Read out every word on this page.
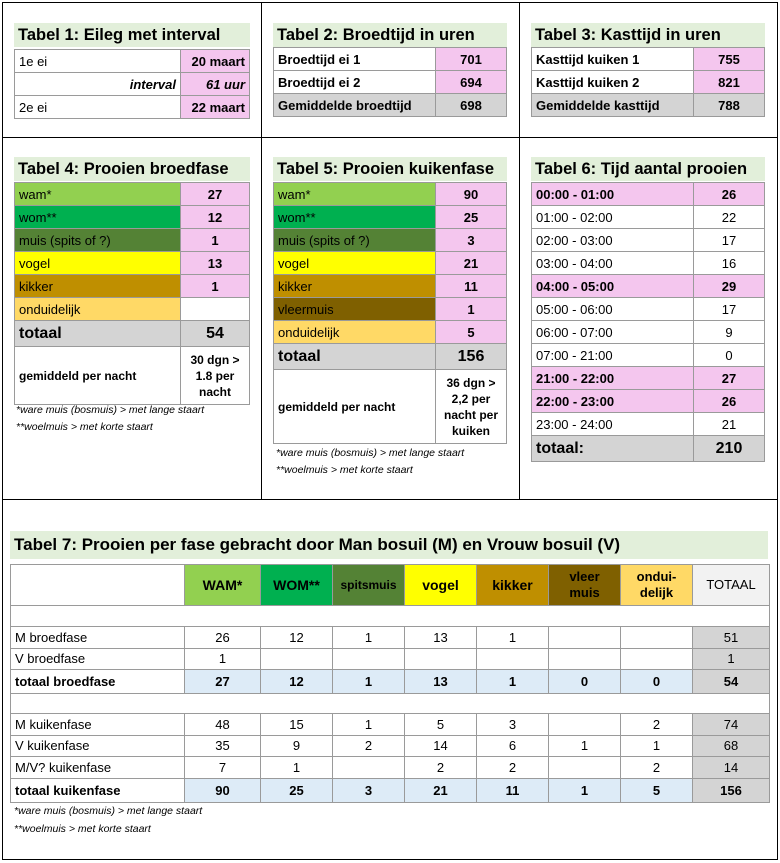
Tabel 1: Eileg met interval
1e ei	20 maart
interval	61 uur
2e ei	22 maart
Tabel 2: Broedtijd in uren
Broedtijd ei 1	701
Broedtijd ei 2	694
Gemiddelde broedtijd	698
Tabel 3: Kasttijd in uren
Kasttijd kuiken 1	755
Kasttijd kuiken 2	821
Gemiddelde kasttijd	788
Tabel 4: Prooien broedfase
wam*	27
wom**	12
muis (spits of ?)	1
vogel	13
kikker	1
onduidelijk	
totaal	54
gemiddeld per nacht	30 dgn > 1.8 per nacht
*ware muis (bosmuis) > met lange staart
**woelmuis > met korte staart
Tabel 5: Prooien kuikenfase
wam*	90
wom**	25
muis (spits of ?)	3
vogel	21
kikker	11
vleermuis	1
onduidelijk	5
totaal	156
gemiddeld per nacht	36 dgn > 2,2 per nacht per kuiken
*ware muis (bosmuis) > met lange staart
**woelmuis > met korte staart
Tabel 6: Tijd aantal prooien
00:00 - 01:00	26
01:00 - 02:00	22
02:00 - 03:00	17
03:00 - 04:00	16
04:00 - 05:00	29
05:00 - 06:00	17
06:00 - 07:00	9
07:00 - 21:00	0
21:00 - 22:00	27
22:00 - 23:00	26
23:00 - 24:00	21
totaal:	210
Tabel 7: Prooien per fase gebracht door Man bosuil (M) en Vrouw bosuil (V)
	WAM*	WOM**	spitsmuis	vogel	kikker	vleer muis	ondui- delijk	TOTAAL

M broedfase	26	12	1	13	1			51
V broedfase	1							1
totaal broedfase	27	12	1	13	1	0	0	54

M kuikenfase	48	15	1	5	3		2	74
V kuikenfase	35	9	2	14	6	1	1	68
M/V? kuikenfase	7	1		2	2		2	14
totaal kuikenfase	90	25	3	21	11	1	5	156
*ware muis (bosmuis) > met lange staart
**woelmuis > met korte staart
